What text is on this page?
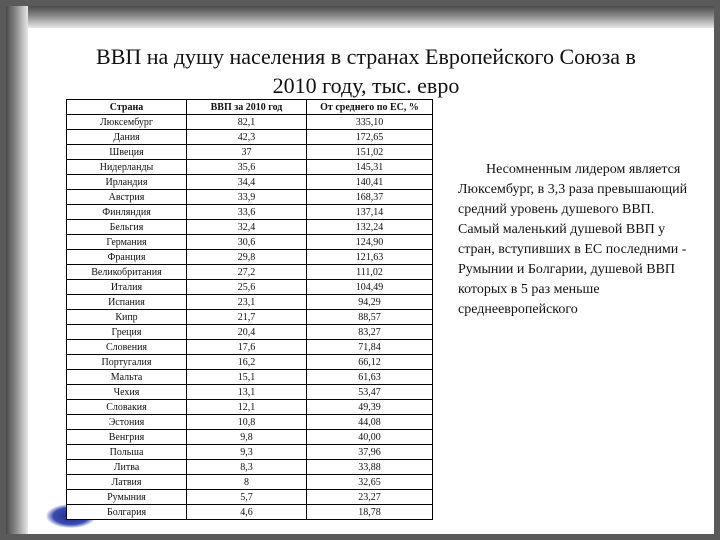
ВВП на душу населения в странах Европейского Союза в
2010 году, тыс. евро
Страна	ВВП за 2010 год	От среднего по ЕС, %
Люксембург	82,1	335,10
Дания	42,3	172,65
Швеция	37	151,02
Нидерланды	35,6	145,31
Ирландия	34,4	140,41
Австрия	33,9	168,37
Финляндия	33,6	137,14
Бельгия	32,4	132,24
Германия	30,6	124,90
Франция	29,8	121,63
Великобритания	27,2	111,02
Италия	25,6	104,49
Испания	23,1	94,29
Кипр	21,7	88,57
Греция	20,4	83,27
Словения	17,6	71,84
Португалия	16,2	66,12
Мальта	15,1	61,63
Чехия	13,1	53,47
Словакия	12,1	49,39
Эстония	10,8	44,08
Венгрия	9,8	40,00
Польша	9,3	37,96
Литва	8,3	33,88
Латвия	8	32,65
Румыния	5,7	23,27
Болгария	4,6	18,78
Несомненным лидером является Люксембург, в 3,3 раза превышающий средний уровень душевого ВВП. Самый маленький душевой ВВП у стран, вступивших в ЕС последними - Румынии и Болгарии, душевой ВВП которых в 5 раз меньше среднеевропейского
